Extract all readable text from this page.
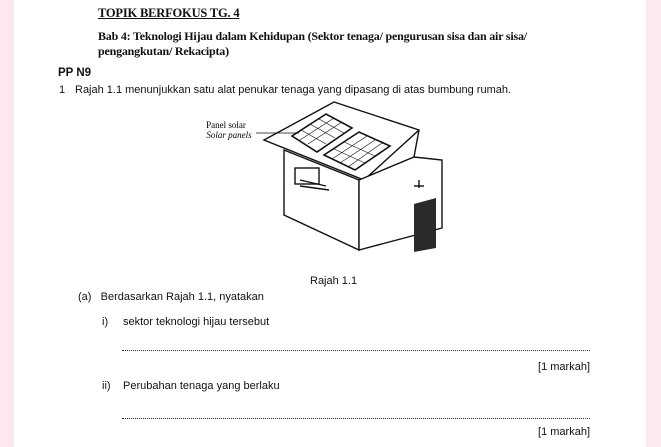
TOPIK BERFOKUS TG. 4
Bab 4: Teknologi Hijau dalam Kehidupan (Sektor tenaga/ pengurusan sisa dan air sisa/ pengangkutan/ Rekacipta)
PP N9
1 Rajah 1.1 menunjukkan satu alat penukar tenaga yang dipasang di atas bumbung rumah.
Panel solar
Solar panels
Rajah 1.1
(a) Berdasarkan Rajah 1.1, nyatakan
i) sektor teknologi hijau tersebut
[1 markah]
ii) Perubahan tenaga yang berlaku
[1 markah]
